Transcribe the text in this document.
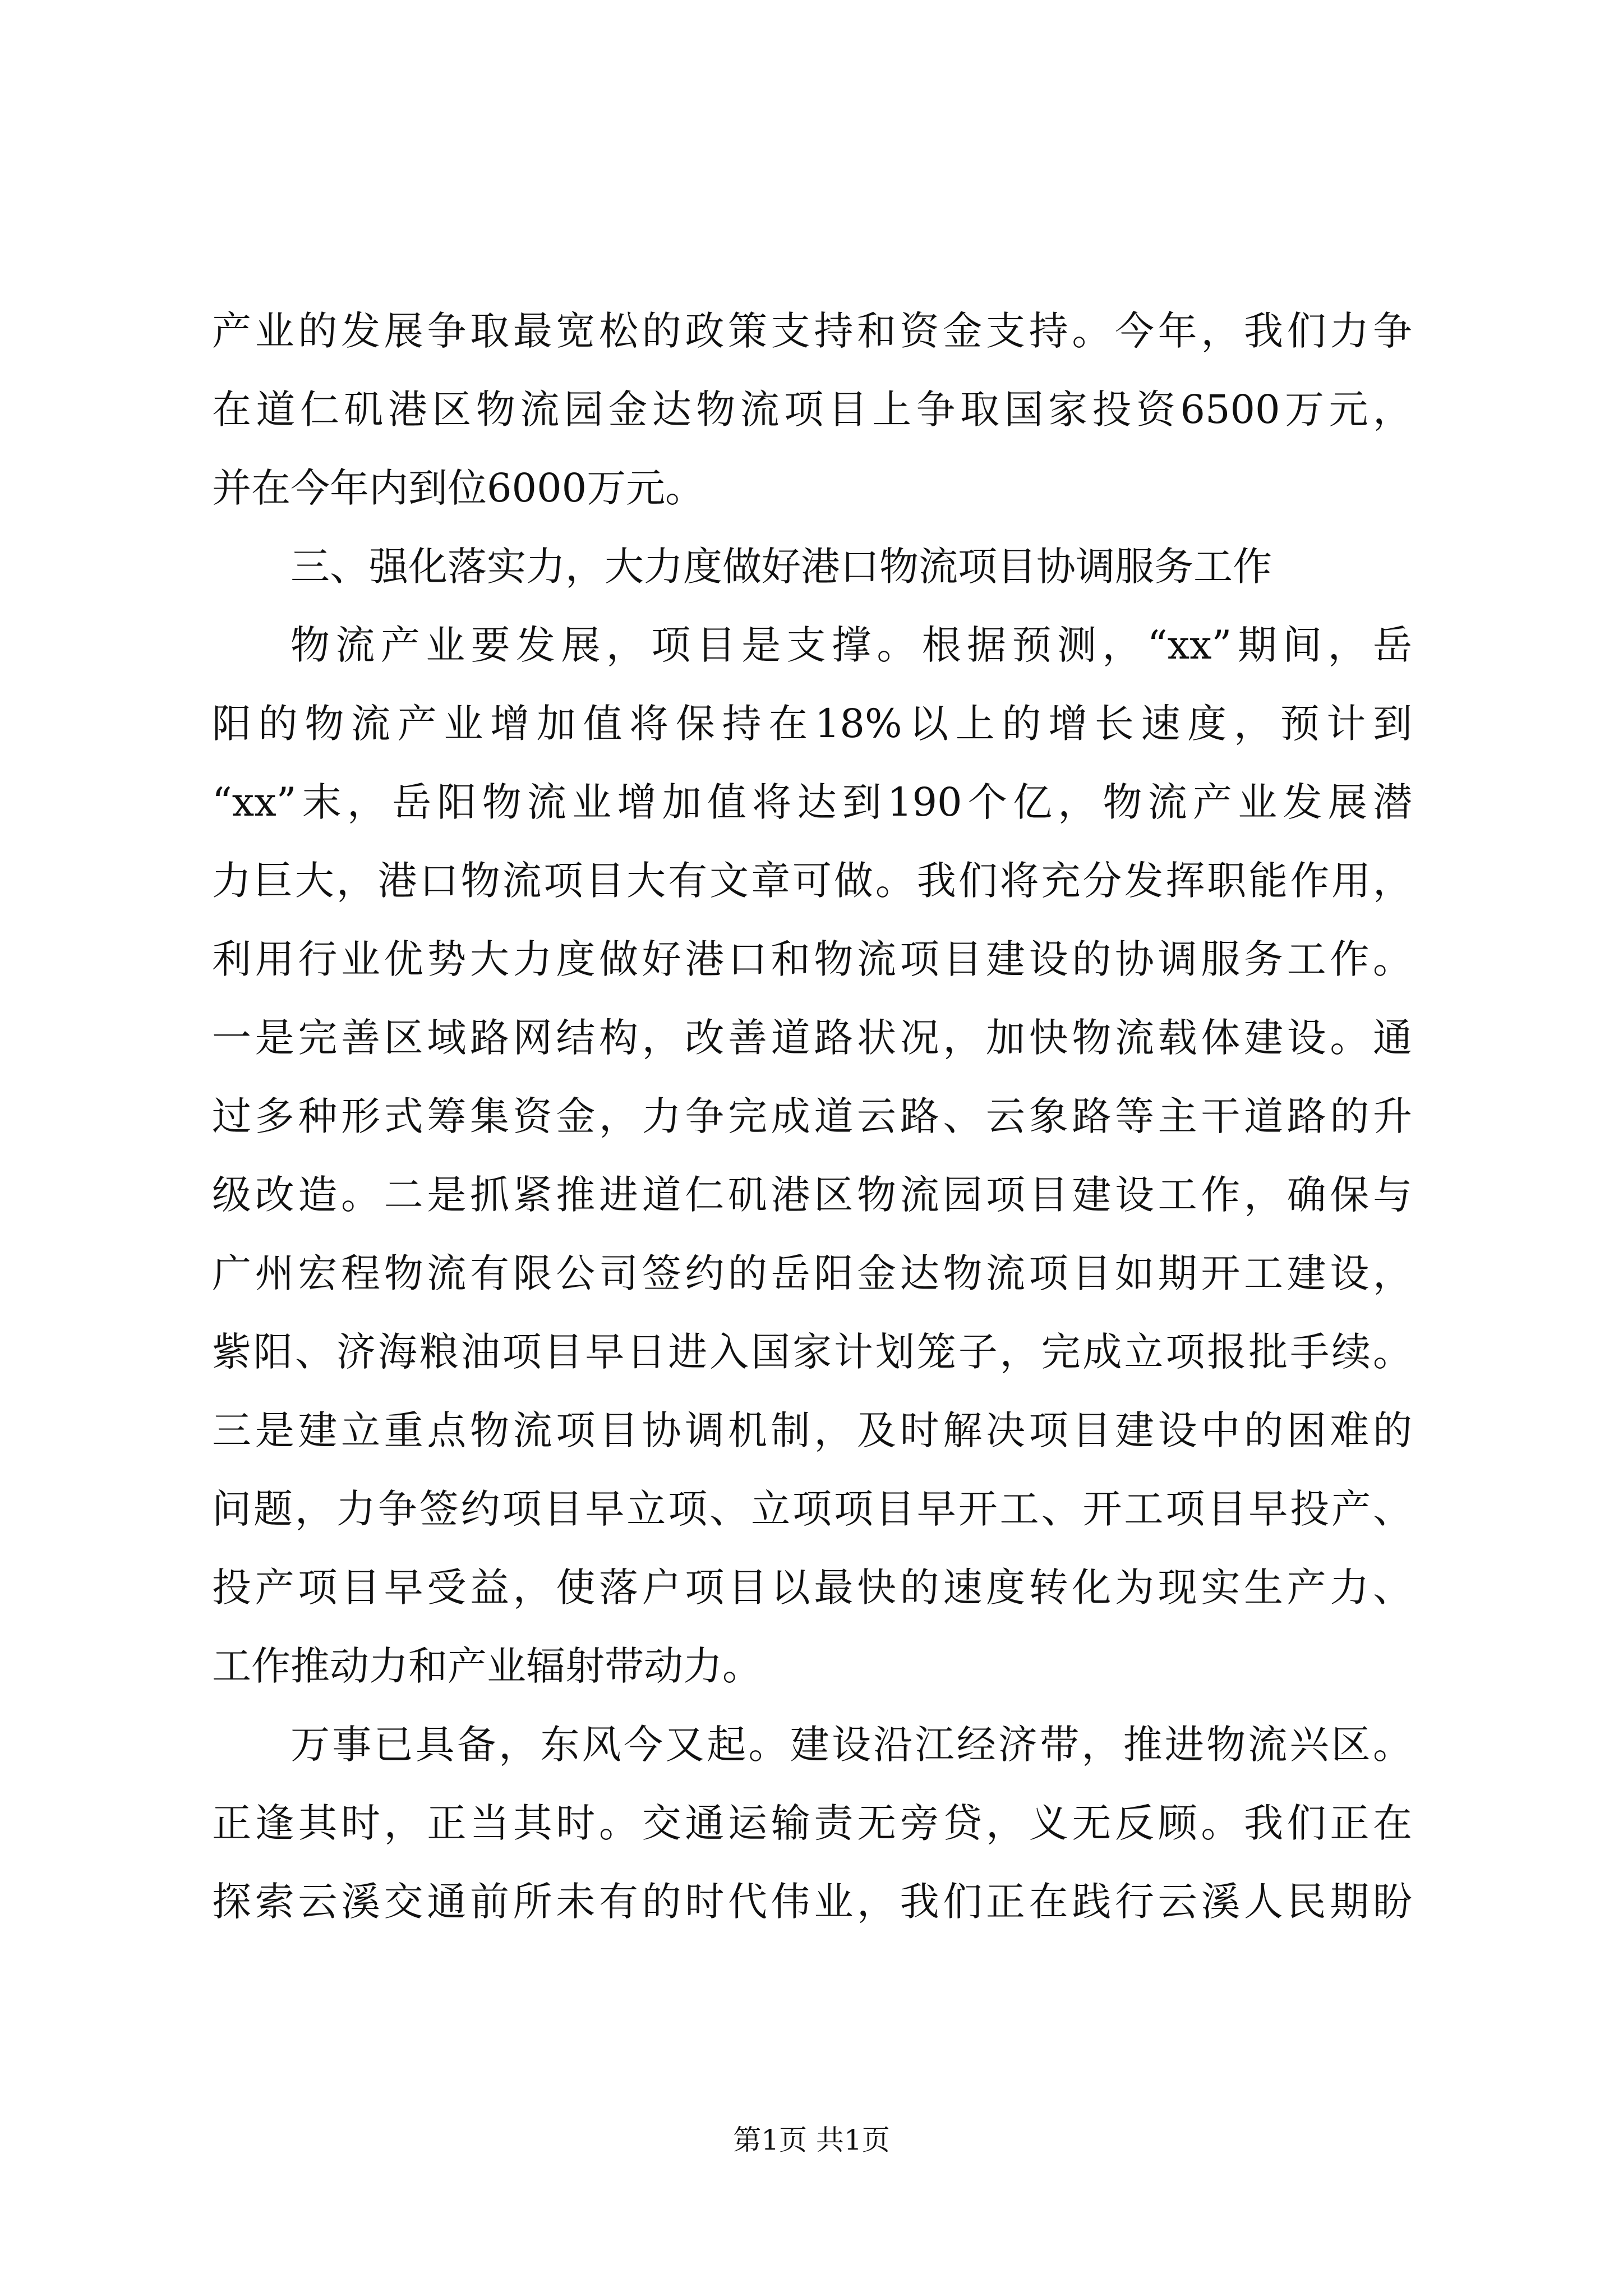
产业的发展争取最宽松的政策支持和资金支持。今年，我们力争
在道仁矶港区物流园金达物流项目上争取国家投资6500万元，
并在今年内到位6000万元。
三、强化落实力，大力度做好港口物流项目协调服务工作
物流产业要发展，项目是支撑。根据预测，“xx”期间，岳
阳的物流产业增加值将保持在18%以上的增长速度，预计到
“xx”末，岳阳物流业增加值将达到190个亿，物流产业发展潜
力巨大，港口物流项目大有文章可做。我们将充分发挥职能作用，
利用行业优势大力度做好港口和物流项目建设的协调服务工作。
一是完善区域路网结构，改善道路状况，加快物流载体建设。通
过多种形式筹集资金，力争完成道云路、云象路等主干道路的升
级改造。二是抓紧推进道仁矶港区物流园项目建设工作，确保与
广州宏程物流有限公司签约的岳阳金达物流项目如期开工建设，
紫阳、济海粮油项目早日进入国家计划笼子，完成立项报批手续。
三是建立重点物流项目协调机制，及时解决项目建设中的困难的
问题，力争签约项目早立项、立项项目早开工、开工项目早投产、
投产项目早受益，使落户项目以最快的速度转化为现实生产力、
工作推动力和产业辐射带动力。
万事已具备，东风今又起。建设沿江经济带，推进物流兴区。
正逢其时，正当其时。交通运输责无旁贷，义无反顾。我们正在
探索云溪交通前所未有的时代伟业，我们正在践行云溪人民期盼
第1页 共1页
